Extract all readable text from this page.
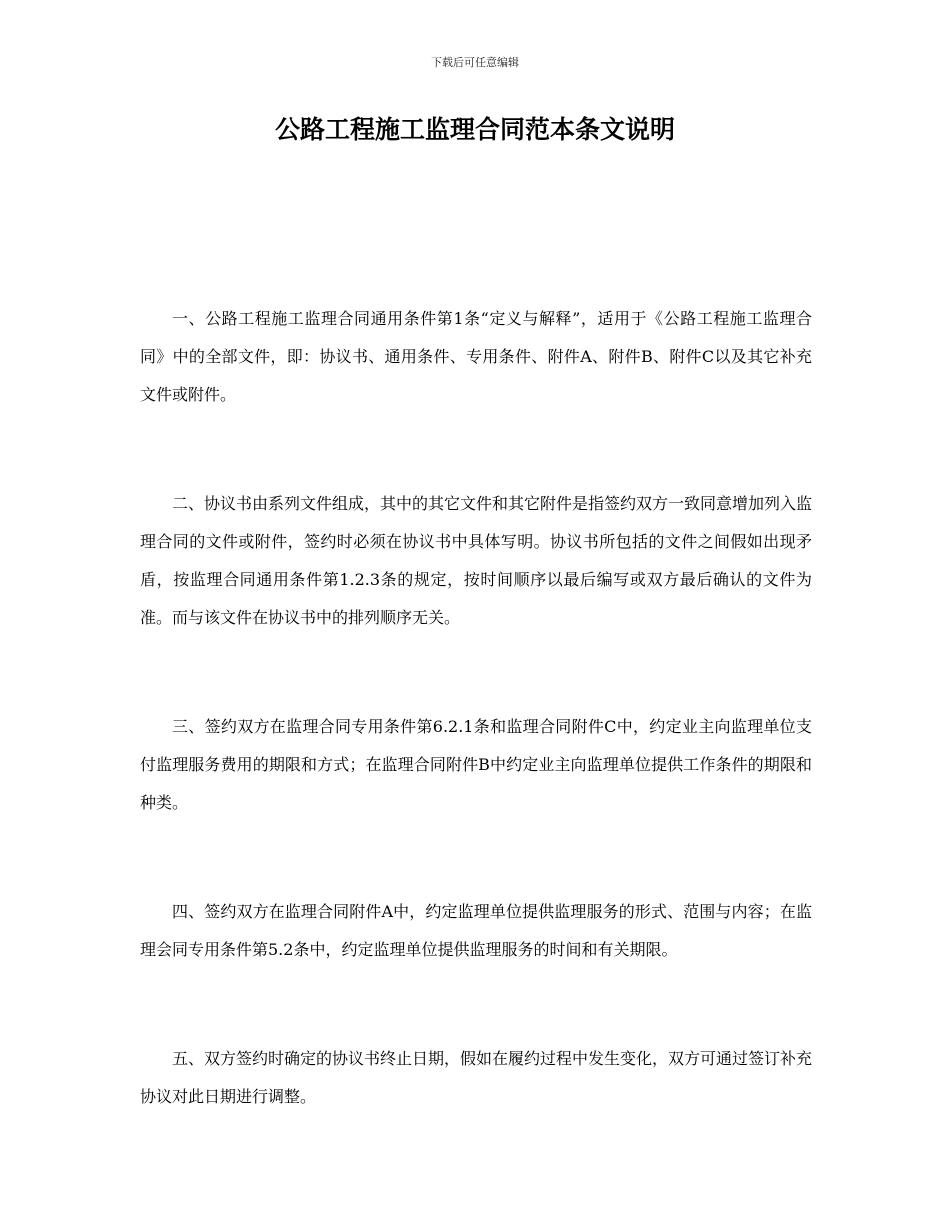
下载后可任意编辑
公路工程施工监理合同范本条文说明

一、公路工程施工监理合同通用条件第1条“定义与解释”，适用于《公路工程施工监理合同》中的全部文件，即：协议书、通用条件、专用条件、附件A、附件B、附件C以及其它补充文件或附件。

二、协议书由系列文件组成，其中的其它文件和其它附件是指签约双方一致同意增加列入监理合同的文件或附件，签约时必须在协议书中具体写明。协议书所包括的文件之间假如出现矛盾，按监理合同通用条件第1.2.3条的规定，按时间顺序以最后编写或双方最后确认的文件为准。而与该文件在协议书中的排列顺序无关。

三、签约双方在监理合同专用条件第6.2.1条和监理合同附件C中，约定业主向监理单位支付监理服务费用的期限和方式；在监理合同附件B中约定业主向监理单位提供工作条件的期限和种类。

四、签约双方在监理合同附件A中，约定监理单位提供监理服务的形式、范围与内容；在监理会同专用条件第5.2条中，约定监理单位提供监理服务的时间和有关期限。

五、双方签约时确定的协议书终止日期，假如在履约过程中发生变化，双方可通过签订补充协议对此日期进行调整。
